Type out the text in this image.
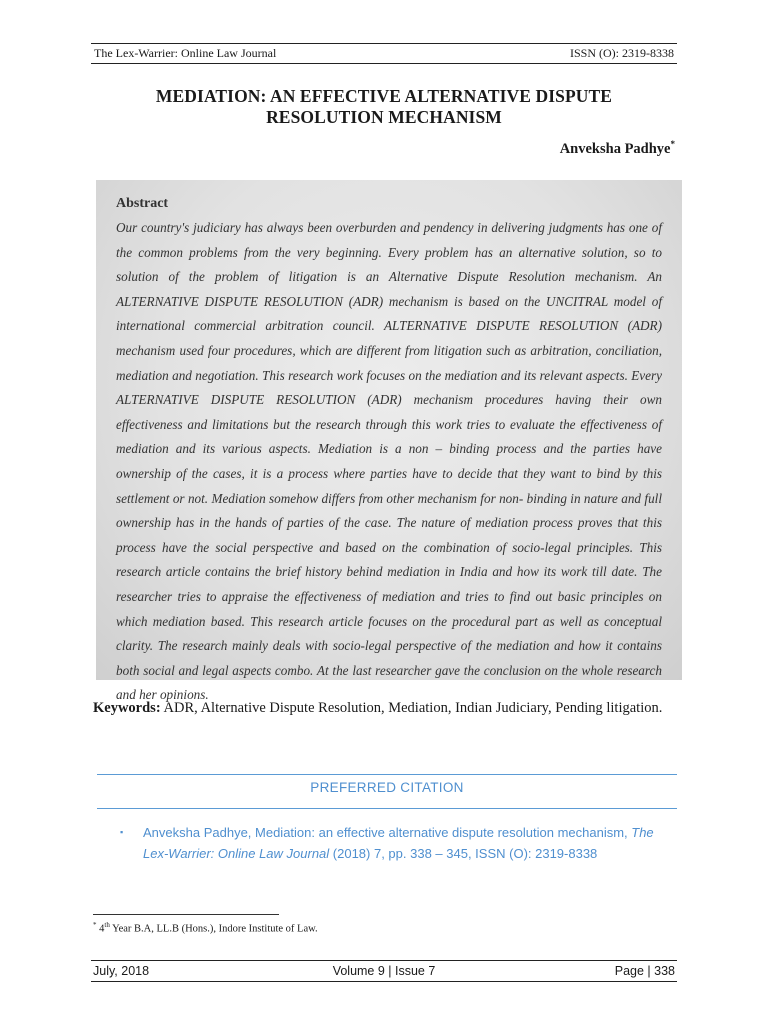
The Lex-Warrier: Online Law Journal	ISSN (O): 2319-8338
MEDIATION: AN EFFECTIVE ALTERNATIVE DISPUTE
RESOLUTION MECHANISM
Anveksha Padhye*
Abstract

Our country's judiciary has always been overburden and pendency in delivering judgments has one of the common problems from the very beginning. Every problem has an alternative solution, so to solution of the problem of litigation is an Alternative Dispute Resolution mechanism. An ALTERNATIVE DISPUTE RESOLUTION (ADR) mechanism is based on the UNCITRAL model of international commercial arbitration council. ALTERNATIVE DISPUTE RESOLUTION (ADR) mechanism used four procedures, which are different from litigation such as arbitration, conciliation, mediation and negotiation. This research work focuses on the mediation and its relevant aspects. Every ALTERNATIVE DISPUTE RESOLUTION (ADR) mechanism procedures having their own effectiveness and limitations but the research through this work tries to evaluate the effectiveness of mediation and its various aspects. Mediation is a non – binding process and the parties have ownership of the cases, it is a process where parties have to decide that they want to bind by this settlement or not. Mediation somehow differs from other mechanism for non- binding in nature and full ownership has in the hands of parties of the case. The nature of mediation process proves that this process have the social perspective and based on the combination of socio-legal principles. This research article contains the brief history behind mediation in India and how its work till date. The researcher tries to appraise the effectiveness of mediation and tries to find out basic principles on which mediation based. This research article focuses on the procedural part as well as conceptual clarity. The research mainly deals with socio-legal perspective of the mediation and how it contains both social and legal aspects combo. At the last researcher gave the conclusion on the whole research and her opinions.

Keywords: ADR, Alternative Dispute Resolution, Mediation, Indian Judiciary, Pending litigation.
PREFERRED CITATION
▪ Anveksha Padhye, Mediation: an effective alternative dispute resolution mechanism, The Lex-Warrier: Online Law Journal (2018) 7, pp. 338 – 345, ISSN (O): 2319-8338
* 4th Year B.A, LL.B (Hons.), Indore Institute of Law.
Volume 9 | Issue 7
July, 2018	Page | 338
